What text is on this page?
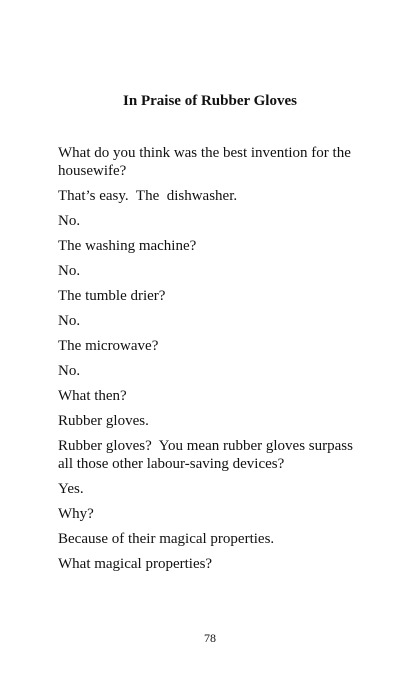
In Praise of Rubber Gloves

What do you think was the best invention for the housewife?

That’s easy.  The  dishwasher.

No.

The washing machine?

No.

The tumble drier?

No.

The microwave?

No.

What then?

Rubber gloves.

Rubber gloves?  You mean rubber gloves surpass all those other labour-saving devices?

Yes.

Why?

Because of their magical properties.

What magical properties?

78
